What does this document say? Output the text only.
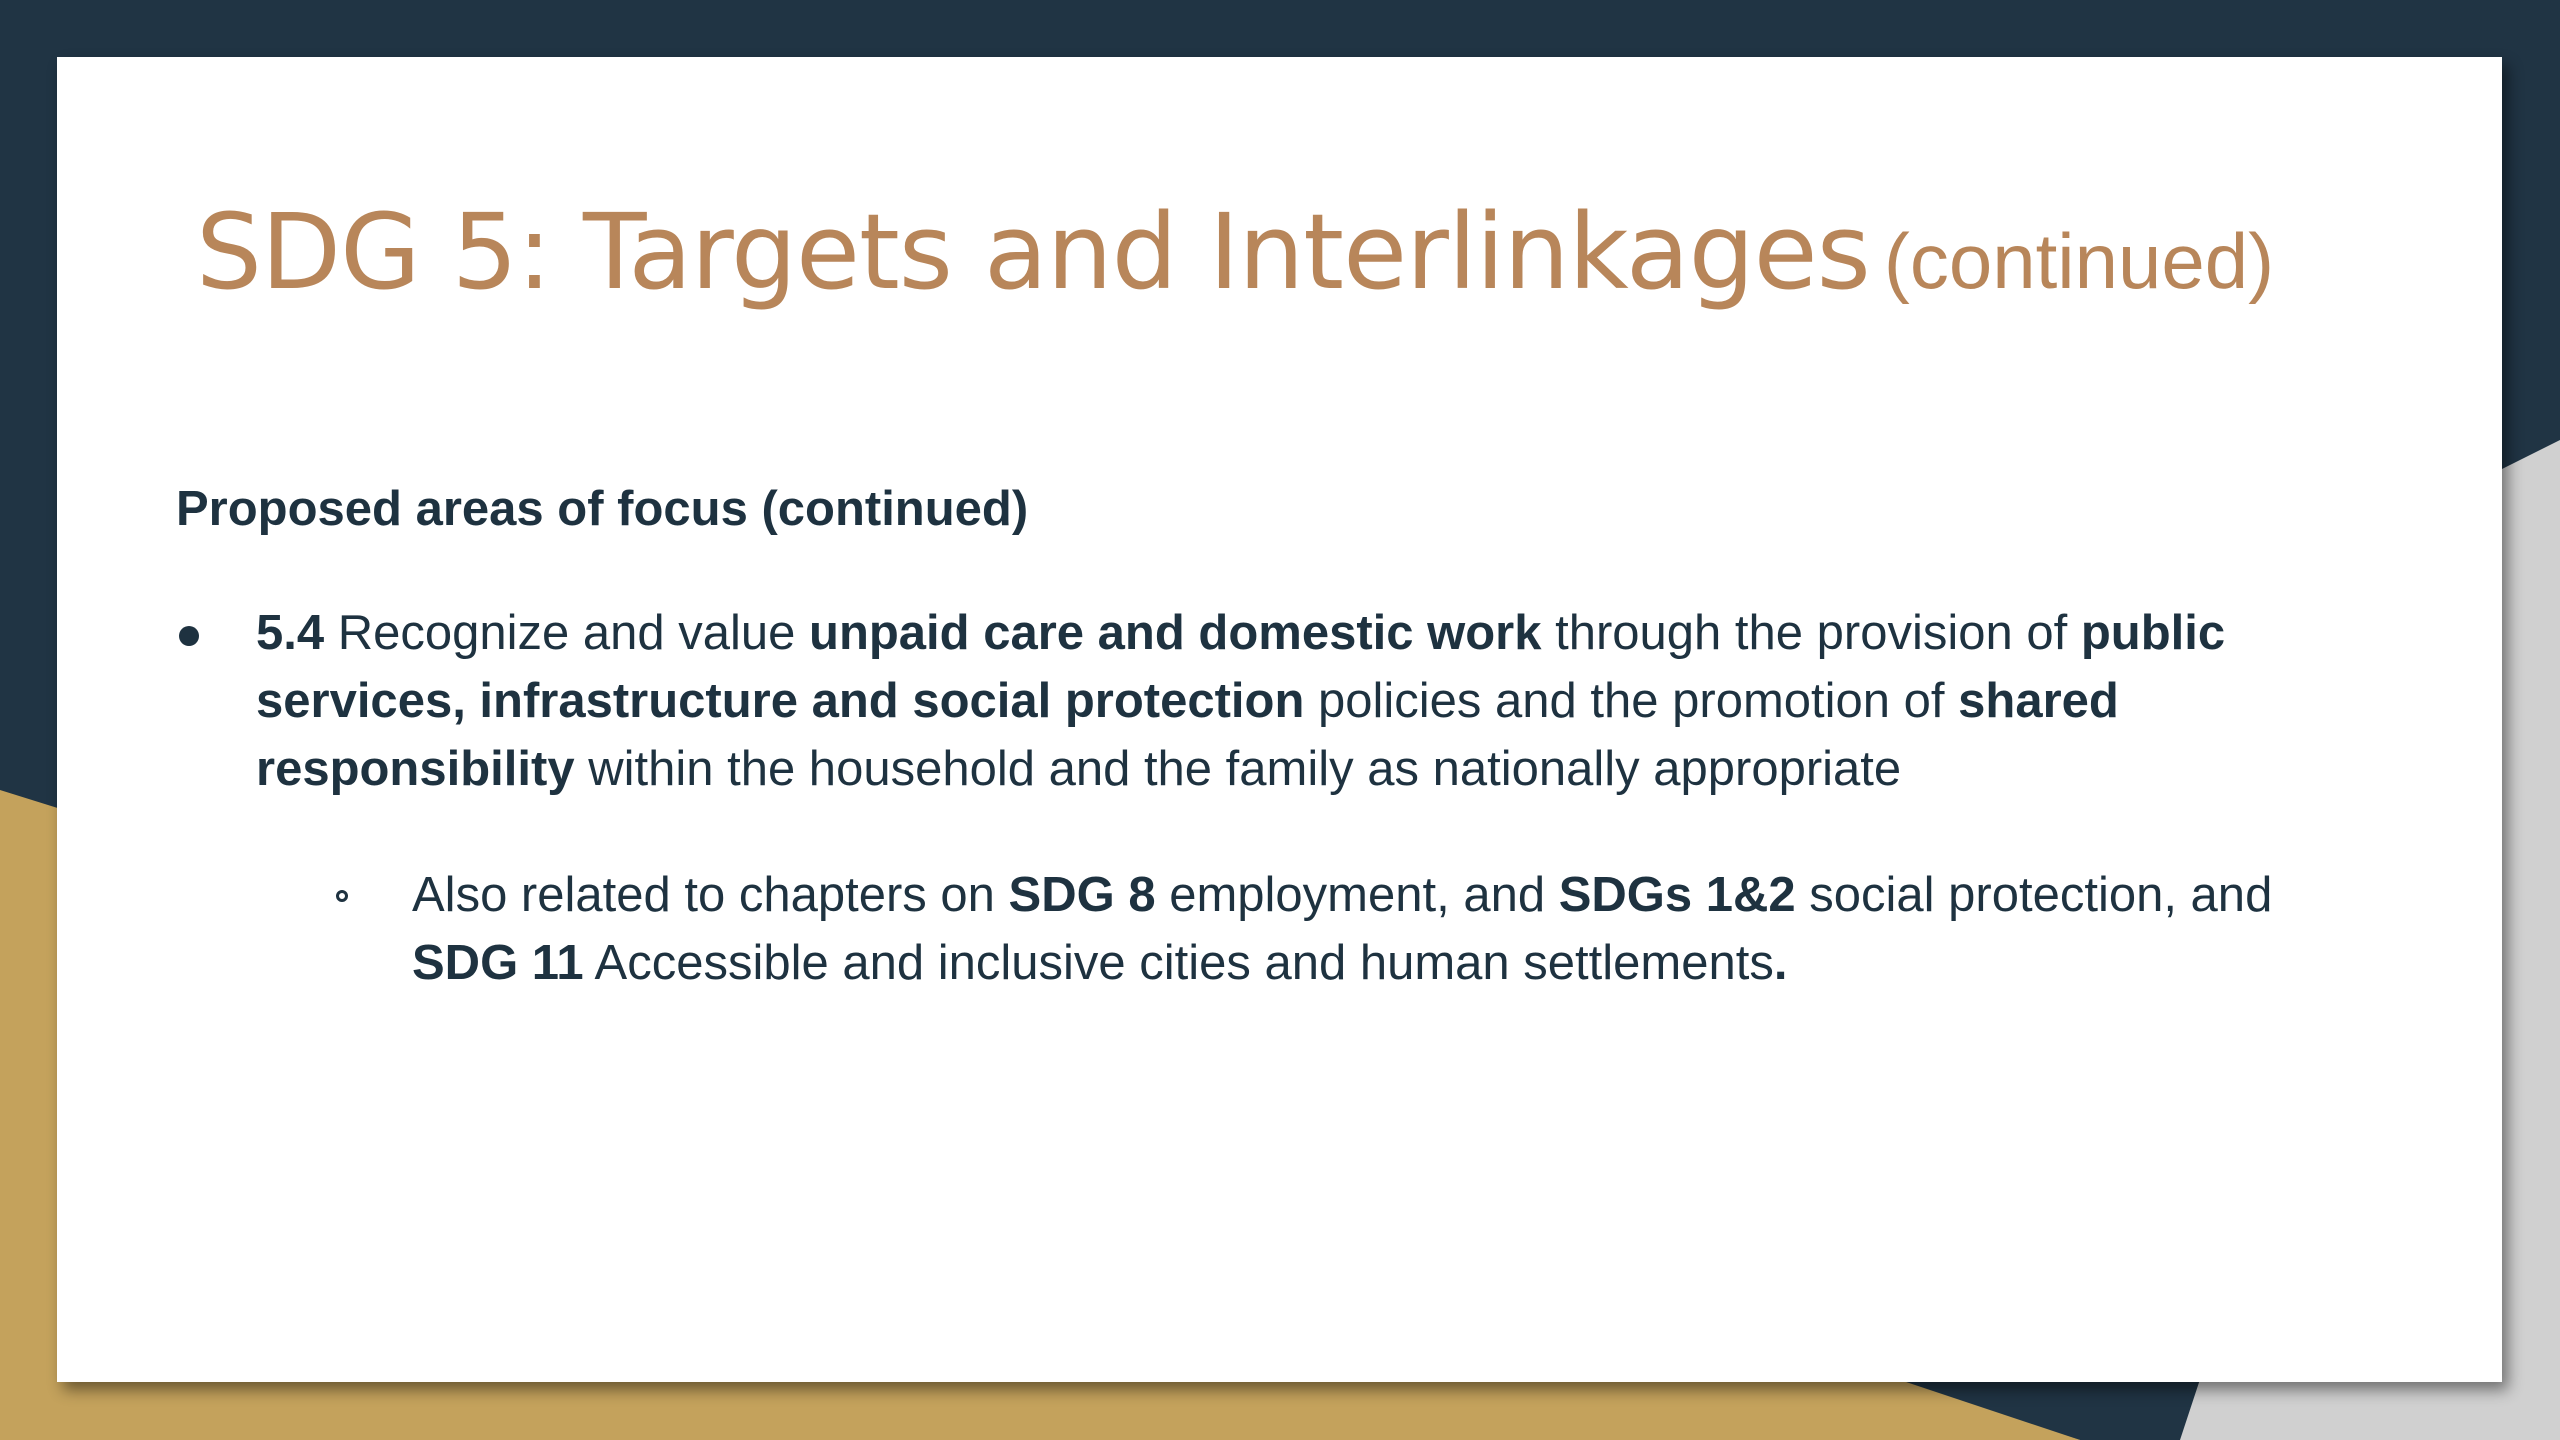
SDG 5: Targets and Interlinkages (continued)

Proposed areas of focus (continued)

5.4 Recognize and value unpaid care and domestic work through the provision of public services, infrastructure and social protection policies and the promotion of shared responsibility within the household and the family as nationally appropriate
Also related to chapters on SDG 8 employment, and SDGs 1&2 social protection, and SDG 11 Accessible and inclusive cities and human settlements.
